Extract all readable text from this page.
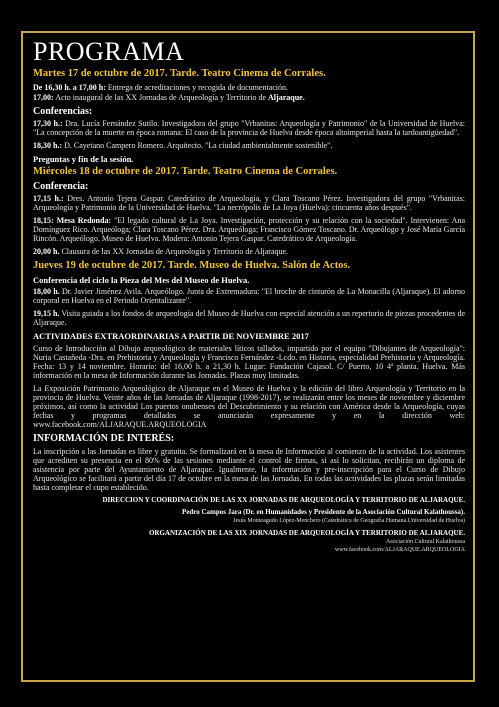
PROGRAMA
Martes 17 de octubre de 2017. Tarde. Teatro Cinema de Corrales.
De 16,30 h. a 17,00 h: Entrega de acreditaciones y recogida de documentación.
17,00: Acto inaugural de las XX Jornadas de Arqueología y Territorio de Aljaraque.
Conferencias:
17,30 h.: Dra. Lucía Fernández Sutilo. Investigadora del grupo "Vrbanitas: Arqueología y Patrimonio" de la Universidad de Huelva: "La concepción de la muerte en época romana: El caso de la provincia de Huelva desde época altoimperial hasta la tardoantigüedad".
18,30 h.: D. Cayetano Campero Romero. Arquitecto. "La ciudad ambientalmente sostenible".
Preguntas y fin de la sesión.
Miércoles 18 de octubre de 2017. Tarde. Teatro Cinema de Corrales.
Conferencia:
17,15 h.: Dres. Antonio Tejera Gaspar. Catedrático de Arqueología, y Clara Toscano Pérez. Investigadora del grupo "Vrbanitas: Arqueología y Patrimonio de la Universidad de Huelva. "La necrópolis de La Joya (Huelva): cincuenta años después".
18,15: Mesa Redonda: "El legado cultural de La Joya. Investigación, protección y su relación con la sociedad". Intervienen: Ana Domínguez Rico. Arqueóloga; Clara Toscano Pérez. Dra. Arqueóloga; Francisco Gómez Toscano. Dr. Arqueólogo y José María García Rincón. Arqueólogo. Museo de Huelva. Modera: Antonio Tejera Gaspar. Catedrático de Arqueología.
20,00 h. Clausura de las XX Jornadas de Arqueología y Territorio de Aljaraque.
Jueves 19 de octubre de 2017. Tarde. Museo de Huelva. Salón de Actos.
Conferencia del ciclo la Pieza del Mes del Museo de Huelva.
18,00 h. Dr. Javier Jiménez Avila. Arqueólogo. Junta de Extremadura: "El broche de cinturón de La Monacilla (Aljaraque). El adorno corporal en Huelva en el Periodo Orientalizante".
19,15 h. Visita guiada a los fondos de arqueología del Museo de Huelva con especial atención a un repertorio de piezas procedentes de Aljaraque.
ACTIVIDADES EXTRAORDINARIAS A PARTIR DE NOVIEMBRE 2017
Curso de Introducción al Dibujo arqueológico de materiales líticos tallados, impartido por el equipo "Dibujantes de Arqueología": Nuria Castañeda -Dra. en Prehistoria y Arqueología y Francisco Fernández -Lcdo. en Historia, especialidad Prehistoria y Arqueología. Fecha: 13 y 14 noviembre. Horario: del 16,00 h. a 21,30 h. Lugar: Fundación Cajasol. C/ Puerto, 10 4ª planta. Huelva. Más información en la mesa de Información durante las Jornadas. Plazas muy limitadas.
La Exposición Patrimonio Arqueológico de Aljaraque en el Museo de Huelva y la edición del libro Arqueología y Territorio en la provincia de Huelva. Veinte años de las Jornadas de Aljaraque (1998-2017), se realizarán entre los meses de noviembre y diciembre próximos, así como la actividad Los puertos onubenses del Descubrimiento y su relación con América desde la Arqueología, cuyas fechas y programas detallados se anunciarán expresamente y en la dirección web: www.facebook.com/ALJARAQUE.ARQUEOLOGIA
INFORMACIÓN DE INTERÉS:
La inscripción a las Jornadas es libre y gratuita. Se formalizará en la mesa de Información al comienzo de la actividad. Los asistentes que acrediten su presencia en el 80% de las sesiones mediante el control de firmas, si así lo solicitan, recibirán un diploma de asistencia por parte del Ayuntamiento de Aljaraque. Igualmente, la información y pre-inscripción para el Curso de Dibujo Arqueológico se facilitará a partir del día 17 de octubre en la mesa de las Jornadas. En todas las actividades las plazas serán limitadas hasta completar el cupo establecido.
DIRECCION Y COORDINACIÓN DE LAS XX JORNADAS DE ARQUEOLOGÍA Y TERRITORIO DE ALJARAQUE.
Pedro Campos Jara (Dr. en Humanidades y Presidente de la Asociación Cultural Kalathoussa).
Jesús Monteagudo López-Menchero (Catedrático de Geografía Humana.Universidad de Huelva)
ORGANIZACIÓN DE LAS XIX JORNADAS DE ARQUEOLOGÍA Y TERRITORIO DE ALJARAQUE.
Asociación Cultural Kalathoussa
www.facebook.com/ALJARAQUE.ARQUEOLOGIA
